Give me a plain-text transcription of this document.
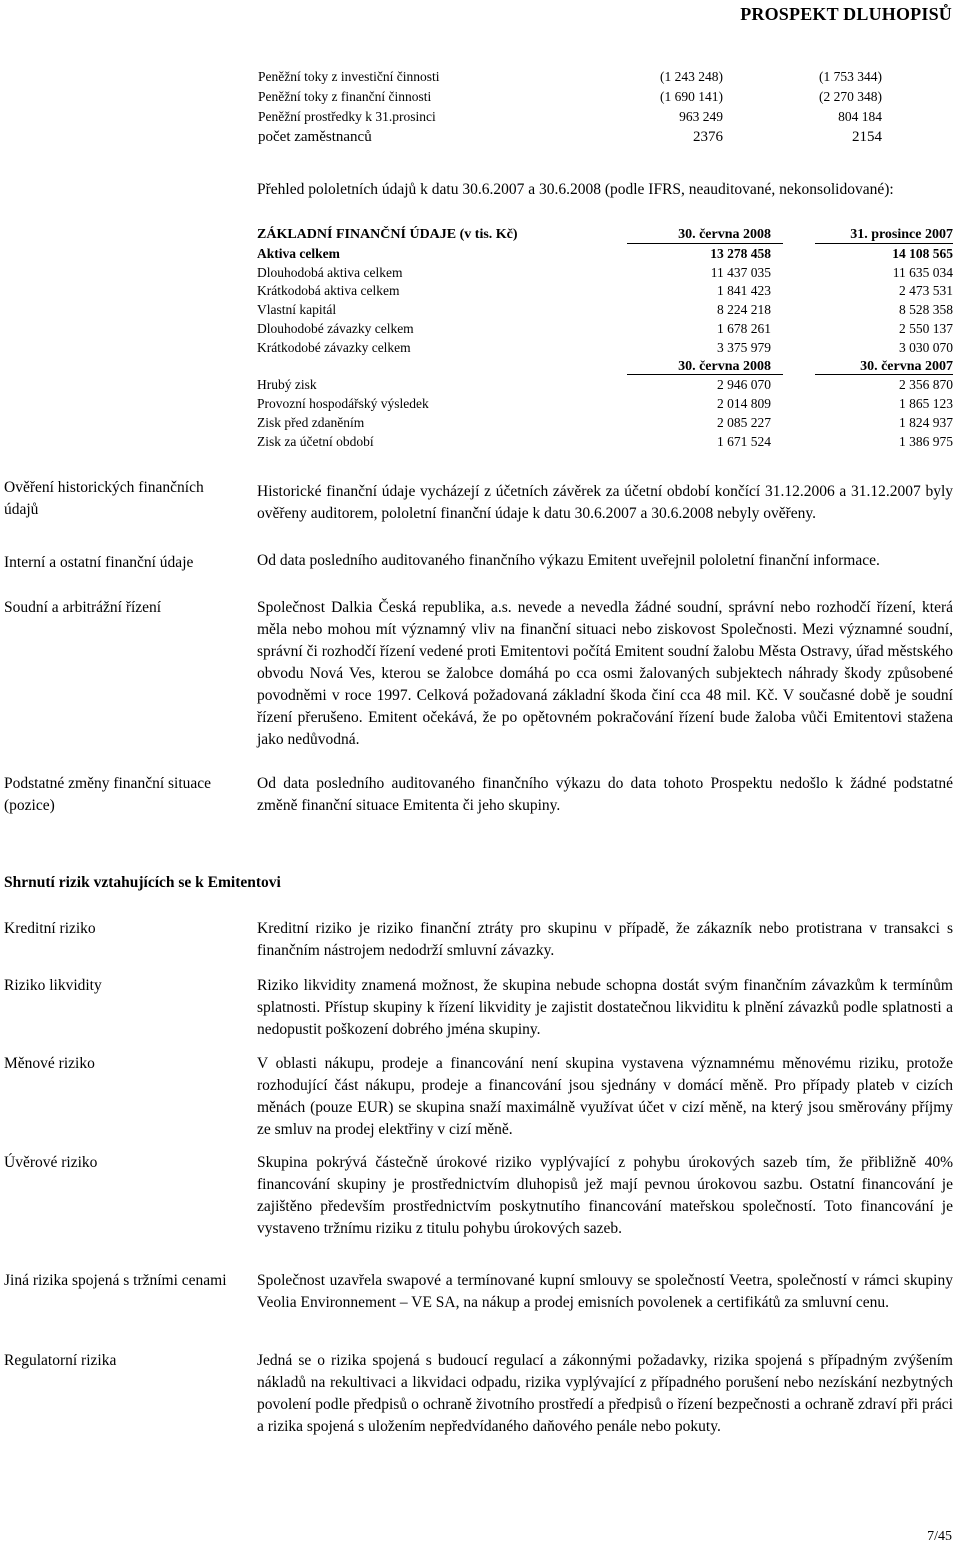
PROSPEKT DLUHOPISŮ
Peněžní toky z investiční činnosti	(1 243 248)	(1 753 344)
Peněžní toky z finanční činnosti	(1 690 141)	(2 270 348)
Peněžní prostředky k 31.prosinci	963 249	804 184
počet zaměstnanců	2376	2154
Přehled pololetních údajů k datu 30.6.2007 a 30.6.2008 (podle IFRS, neauditované, nekonsolidované):
ZÁKLADNÍ FINANČNÍ ÚDAJE (v tis. Kč)	30. června 2008	31. prosince 2007
Aktiva celkem	13 278 458	14 108 565
Dlouhodobá aktiva celkem	11 437 035	11 635 034
Krátkodobá aktiva celkem	1 841 423	2 473 531
Vlastní kapitál	8 224 218	8 528 358
Dlouhodobé závazky celkem	1 678 261	2 550 137
Krátkodobé závazky celkem	3 375 979	3 030 070
30. června 2008	30. června 2007
Hrubý zisk	2 946 070	2 356 870
Provozní hospodářský výsledek	2 014 809	1 865 123
Zisk před zdaněním	2 085 227	1 824 937
Zisk za účetní období	1 671 524	1 386 975
Ověření historických finančních údajů
Historické finanční údaje vycházejí z účetních závěrek za účetní období končící 31.12.2006 a 31.12.2007 byly ověřeny auditorem, pololetní finanční údaje k datu 30.6.2007 a 30.6.2008 nebyly ověřeny.
Interní a ostatní finanční údaje	Od data posledního auditovaného finančního výkazu Emitent uveřejnil pololetní finanční informace.
Soudní a arbitrážní řízení	Společnost Dalkia Česká republika, a.s. nevede a nevedla žádné soudní, správní nebo rozhodčí řízení, která měla nebo mohou mít významný vliv na finanční situaci nebo ziskovost Společnosti. Mezi významné soudní, správní či rozhodčí řízení vedené proti Emitentovi počítá Emitent soudní žalobu Města Ostravy, úřad městského obvodu Nová Ves, kterou se žalobce domáhá po cca osmi žalovaných subjektech náhrady škody způsobené povodněmi v roce 1997. Celková požadovaná základní škoda činí cca 48 mil. Kč. V současné době je soudní řízení přerušeno. Emitent očekává, že po opětovném pokračování řízení bude žaloba vůči Emitentovi stažena jako nedůvodná.
Podstatné změny finanční situace (pozice)
Od data posledního auditovaného finančního výkazu do data tohoto Prospektu nedošlo k žádné podstatné změně finanční situace Emitenta či jeho skupiny.
Shrnutí rizik vztahujících se k Emitentovi
Kreditní riziko	Kreditní riziko je riziko finanční ztráty pro skupinu v případě, že zákazník nebo protistrana v transakci s finančním nástrojem nedodrží smluvní závazky.
Riziko likvidity	Riziko likvidity znamená možnost, že skupina nebude schopna dostát svým finančním závazkům k termínům splatnosti. Přístup skupiny k řízení likvidity je zajistit dostatečnou likviditu k plnění závazků podle splatnosti a nedopustit poškození dobrého jména skupiny.
Měnové riziko	V oblasti nákupu, prodeje a financování není skupina vystavena významnému měnovému riziku, protože rozhodující část nákupu, prodeje a financování jsou sjednány v domácí měně. Pro případy plateb v cizích měnách (pouze EUR) se skupina snaží maximálně využívat účet v cizí měně, na který jsou směrovány příjmy ze smluv na prodej elektřiny v cizí měně.
Úvěrové riziko	Skupina pokrývá částečně úrokové riziko vyplývající z pohybu úrokových sazeb tím, že přibližně 40% financování skupiny je prostřednictvím dluhopisů jež mají pevnou úrokovou sazbu. Ostatní financování je zajištěno především prostřednictvím poskytnutího financování mateřskou společností. Toto financování je vystaveno tržnímu riziku z titulu pohybu úrokových sazeb.
Jiná rizika spojená s tržními cenami	Společnost uzavřela swapové a termínované kupní smlouvy se společností Veetra, společností v rámci skupiny Veolia Environnement – VE SA, na nákup a prodej emisních povolenek a certifikátů za smluvní cenu.
Regulatorní rizika	Jedná se o rizika spojená s budoucí regulací a zákonnými požadavky, rizika spojená s případným zvýšením nákladů na rekultivaci a likvidaci odpadu, rizika vyplývající z případného porušení nebo nezískání nezbytných povolení podle předpisů o ochraně životního prostředí a předpisů o řízení bezpečnosti a ochraně zdraví při práci a rizika spojená s uložením nepředvídaného daňového penále nebo pokuty.
7/45
